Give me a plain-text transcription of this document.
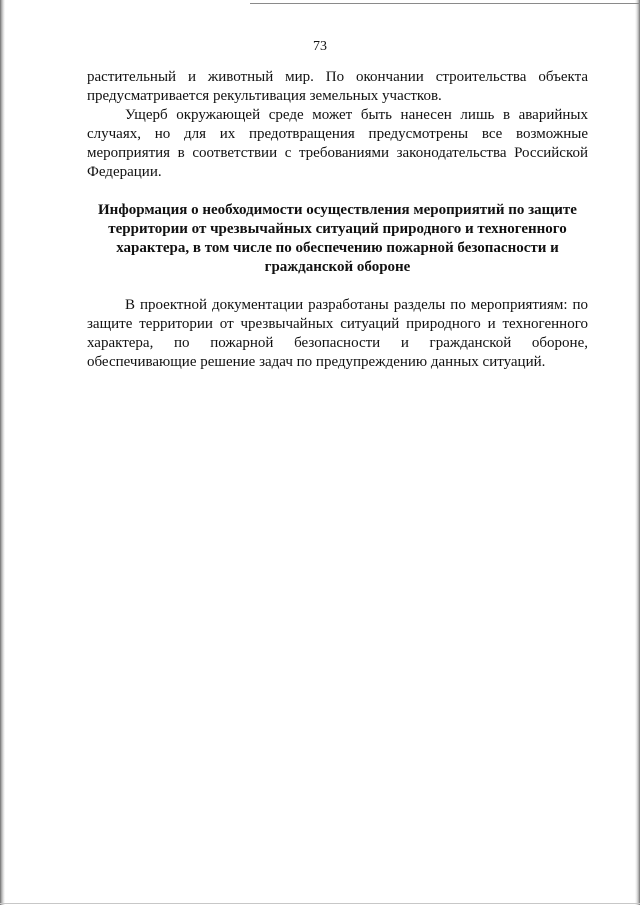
73

растительный и животный мир. По окончании строительства объекта предусматривается рекультивация земельных участков.

Ущерб окружающей среде может быть нанесен лишь в аварийных случаях, но для их предотвращения предусмотрены все возможные мероприятия в соответствии с требованиями законодательства Российской Федерации.

Информация о необходимости осуществления мероприятий по защите территории от чрезвычайных ситуаций природного и техногенного характера, в том числе по обеспечению пожарной безопасности и гражданской обороне

В проектной документации разработаны разделы по мероприятиям: по защите территории от чрезвычайных ситуаций природного и техногенного характера, по пожарной безопасности и гражданской обороне, обеспечивающие решение задач по предупреждению данных ситуаций.
